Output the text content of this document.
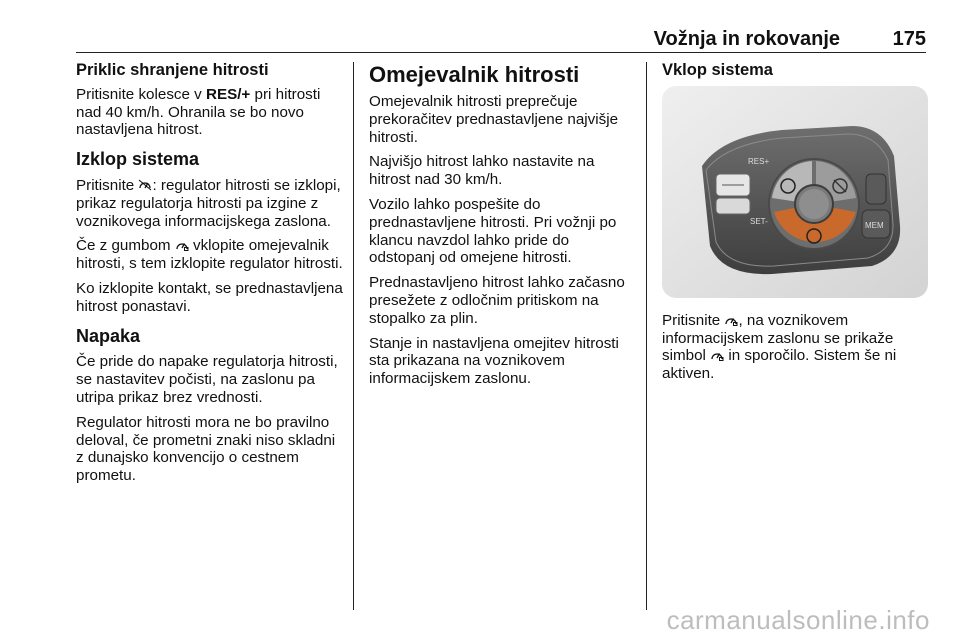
Vožnja in rokovanje	175
Priklic shranjene hitrosti

Pritisnite kolesce v RES/+ pri hitrosti nad 40 km/h. Ohranila se bo novo nastavljena hitrost.

Izklop sistema

Pritisnite
: regulator hitrosti se izklopi, prikaz regulatorja hitrosti pa izgine z voznikovega informacijskega zaslona.

Če z gumbom
vklopite omejevalnik hitrosti, s tem izklopite regulator hitrosti.

Ko izklopite kontakt, se prednastavljena hitrost ponastavi.

Napaka

Če pride do napake regulatorja hitrosti, se nastavitev počisti, na zaslonu pa utripa prikaz brez vrednosti.

Regulator hitrosti mora ne bo pravilno deloval, če prometni znaki niso skladni z dunajsko konvencijo o cestnem prometu.

Omejevalnik hitrosti

Omejevalnik hitrosti preprečuje prekoračitev prednastavljene najvišje hitrosti.

Najvišjo hitrost lahko nastavite na hitrost nad 30 km/h.

Vozilo lahko pospešite do prednastavljene hitrosti. Pri vožnji po klancu navzdol lahko pride do odstopanj od omejene hitrosti.

Prednastavljeno hitrost lahko začasno presežete z odločnim pritiskom na stopalko za plin.

Stanje in nastavljena omejitev hitrosti sta prikazana na voznikovem informacijskem zaslonu.

Vklop sistema
RES+
SET-	MEM

Pritisnite
, na voznikovem informacijskem zaslonu se prikaže simbol
in sporočilo. Sistem še ni aktiven.

carmanualsonline.info
